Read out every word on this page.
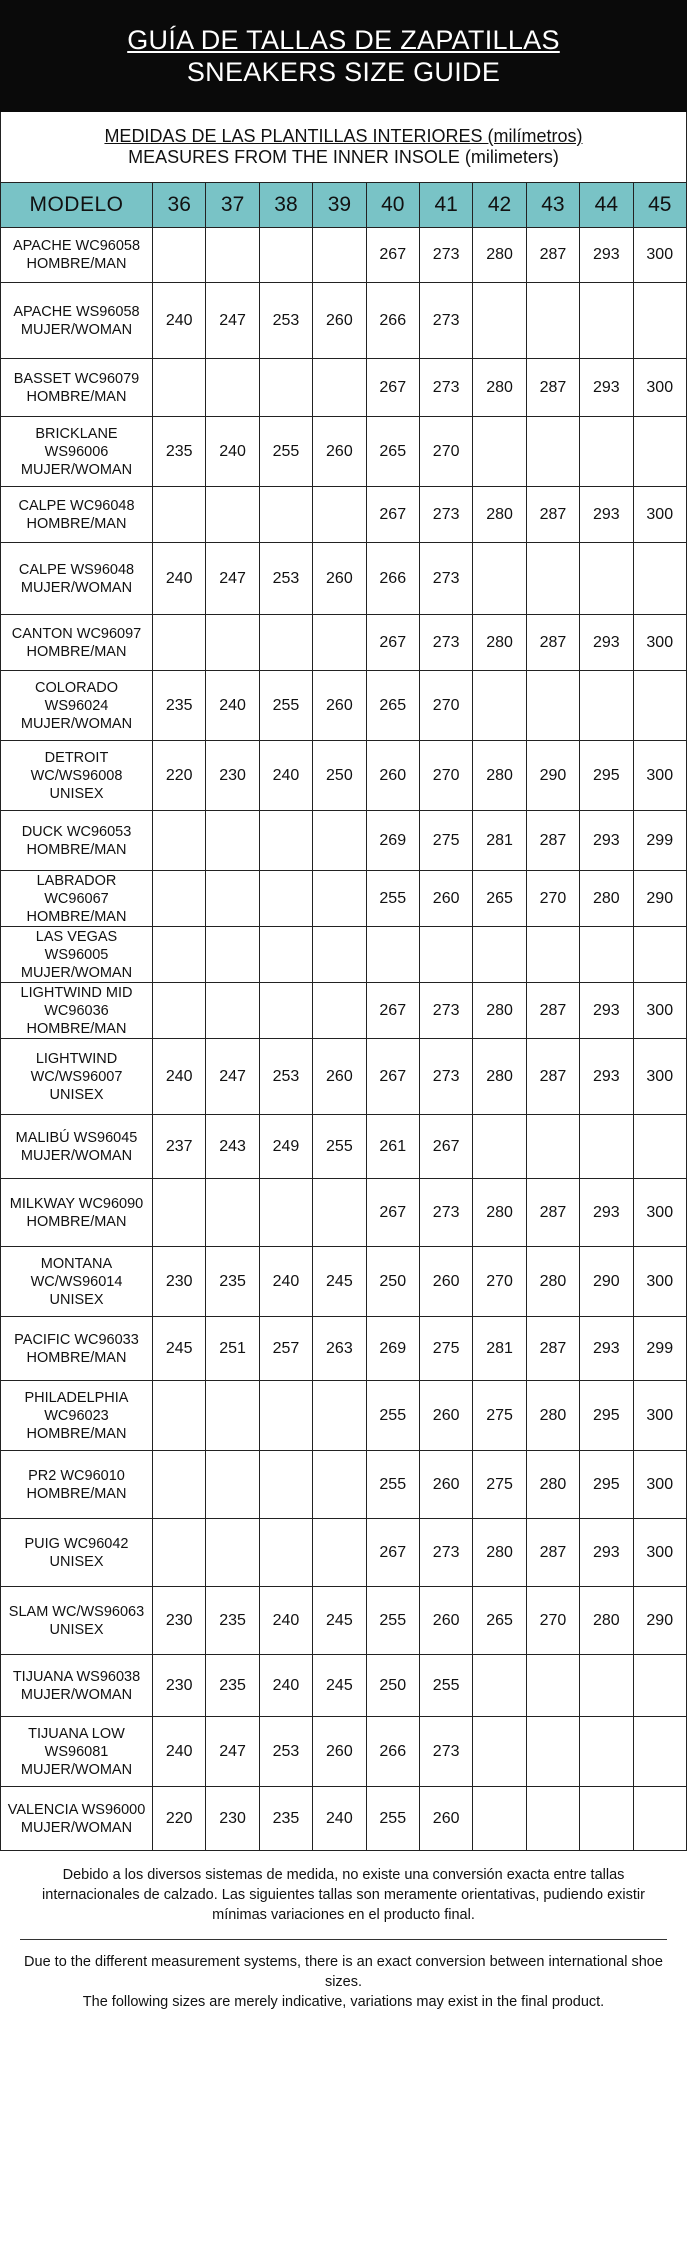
GUÍA DE TALLAS DE ZAPATILLAS
SNEAKERS SIZE GUIDE
MEDIDAS DE LAS PLANTILLAS INTERIORES (milímetros)
MEASURES FROM THE INNER INSOLE (milimeters)
MODELO	36	37	38	39	40	41	42	43	44	45
APACHE WC96058 HOMBRE/MAN					267	273	280	287	293	300
APACHE WS96058 MUJER/WOMAN	240	247	253	260	266	273				
BASSET WC96079 HOMBRE/MAN					267	273	280	287	293	300
BRICKLANE WS96006 MUJER/WOMAN	235	240	255	260	265	270				
CALPE WC96048 HOMBRE/MAN					267	273	280	287	293	300
CALPE WS96048 MUJER/WOMAN	240	247	253	260	266	273				
CANTON WC96097 HOMBRE/MAN					267	273	280	287	293	300
COLORADO WS96024 MUJER/WOMAN	235	240	255	260	265	270				
DETROIT WC/WS96008 UNISEX	220	230	240	250	260	270	280	290	295	300
DUCK WC96053 HOMBRE/MAN					269	275	281	287	293	299
LABRADOR WC96067 HOMBRE/MAN					255	260	265	270	280	290
LAS VEGAS WS96005 MUJER/WOMAN										
LIGHTWIND MID WC96036 HOMBRE/MAN					267	273	280	287	293	300
LIGHTWIND WC/WS96007 UNISEX	240	247	253	260	267	273	280	287	293	300
MALIBÚ WS96045 MUJER/WOMAN	237	243	249	255	261	267				
MILKWAY WC96090 HOMBRE/MAN					267	273	280	287	293	300
MONTANA WC/WS96014 UNISEX	230	235	240	245	250	260	270	280	290	300
PACIFIC WC96033 HOMBRE/MAN	245	251	257	263	269	275	281	287	293	299
PHILADELPHIA WC96023 HOMBRE/MAN					255	260	275	280	295	300
PR2 WC96010 HOMBRE/MAN					255	260	275	280	295	300
PUIG WC96042 UNISEX					267	273	280	287	293	300
SLAM WC/WS96063 UNISEX	230	235	240	245	255	260	265	270	280	290
TIJUANA WS96038 MUJER/WOMAN	230	235	240	245	250	255				
TIJUANA LOW WS96081 MUJER/WOMAN	240	247	253	260	266	273				
VALENCIA WS96000 MUJER/WOMAN	220	230	235	240	255	260				

Debido a los diversos sistemas de medida, no existe una conversión exacta entre tallas internacionales de calzado. Las siguientes tallas son meramente orientativas, pudiendo existir mínimas variaciones en el producto final.

Due to the different measurement systems, there is an exact conversion between international shoe sizes.

The following sizes are merely indicative, variations may exist in the final product.
